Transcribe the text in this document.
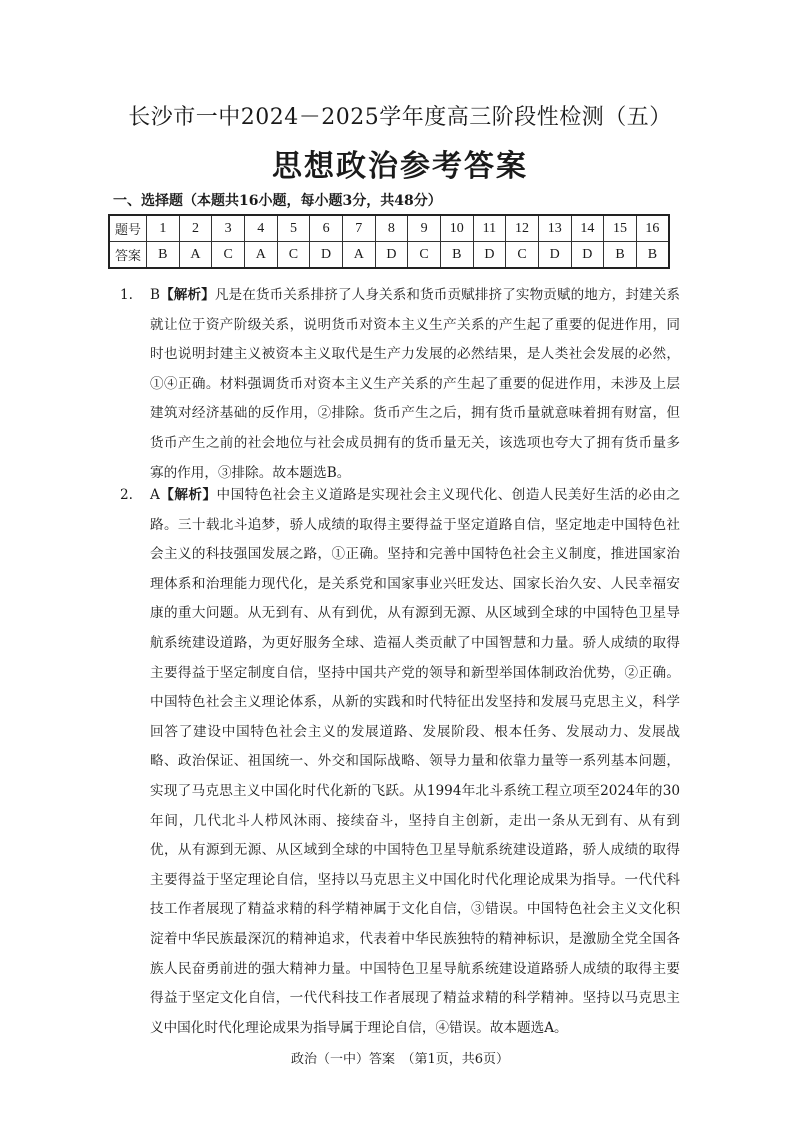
长沙市一中2024－2025学年度高三阶段性检测（五）
思想政治参考答案
一、选择题（本题共16小题，每小题3分，共48分）
题号	1	2	3	4	5	6	7	8	9	10	11	12	13	14	15	16
答案	B	A	C	A	C	D	A	D	C	B	D	C	D	D	B	B
1.	B【解析】凡是在货币关系排挤了人身关系和货币贡赋排挤了实物贡赋的地方，封建关系就让位于资产阶级关系，说明货币对资本主义生产关系的产生起了重要的促进作用，同时也说明封建主义被资本主义取代是生产力发展的必然结果，是人类社会发展的必然，①④正确。材料强调货币对资本主义生产关系的产生起了重要的促进作用，未涉及上层建筑对经济基础的反作用，②排除。货币产生之后，拥有货币量就意味着拥有财富，但货币产生之前的社会地位与社会成员拥有的货币量无关，该选项也夸大了拥有货币量多寡的作用，③排除。故本题选B。
2.	A【解析】中国特色社会主义道路是实现社会主义现代化、创造人民美好生活的必由之路。三十载北斗追梦，骄人成绩的取得主要得益于坚定道路自信，坚定地走中国特色社会主义的科技强国发展之路，①正确。坚持和完善中国特色社会主义制度，推进国家治理体系和治理能力现代化，是关系党和国家事业兴旺发达、国家长治久安、人民幸福安康的重大问题。从无到有、从有到优，从有源到无源、从区域到全球的中国特色卫星导航系统建设道路，为更好服务全球、造福人类贡献了中国智慧和力量。骄人成绩的取得主要得益于坚定制度自信，坚持中国共产党的领导和新型举国体制政治优势，②正确。中国特色社会主义理论体系，从新的实践和时代特征出发坚持和发展马克思主义，科学回答了建设中国特色社会主义的发展道路、发展阶段、根本任务、发展动力、发展战略、政治保证、祖国统一、外交和国际战略、领导力量和依靠力量等一系列基本问题，实现了马克思主义中国化时代化新的飞跃。从1994年北斗系统工程立项至2024年的30年间，几代北斗人栉风沐雨、接续奋斗，坚持自主创新，走出一条从无到有、从有到优，从有源到无源、从区域到全球的中国特色卫星导航系统建设道路，骄人成绩的取得主要得益于坚定理论自信，坚持以马克思主义中国化时代化理论成果为指导。一代代科技工作者展现了精益求精的科学精神属于文化自信，③错误。中国特色社会主义文化积淀着中华民族最深沉的精神追求，代表着中华民族独特的精神标识，是激励全党全国各族人民奋勇前进的强大精神力量。中国特色卫星导航系统建设道路骄人成绩的取得主要得益于坚定文化自信，一代代科技工作者展现了精益求精的科学精神。坚持以马克思主义中国化时代化理论成果为指导属于理论自信，④错误。故本题选A。
政治（一中）答案　（第1页，共6页）
